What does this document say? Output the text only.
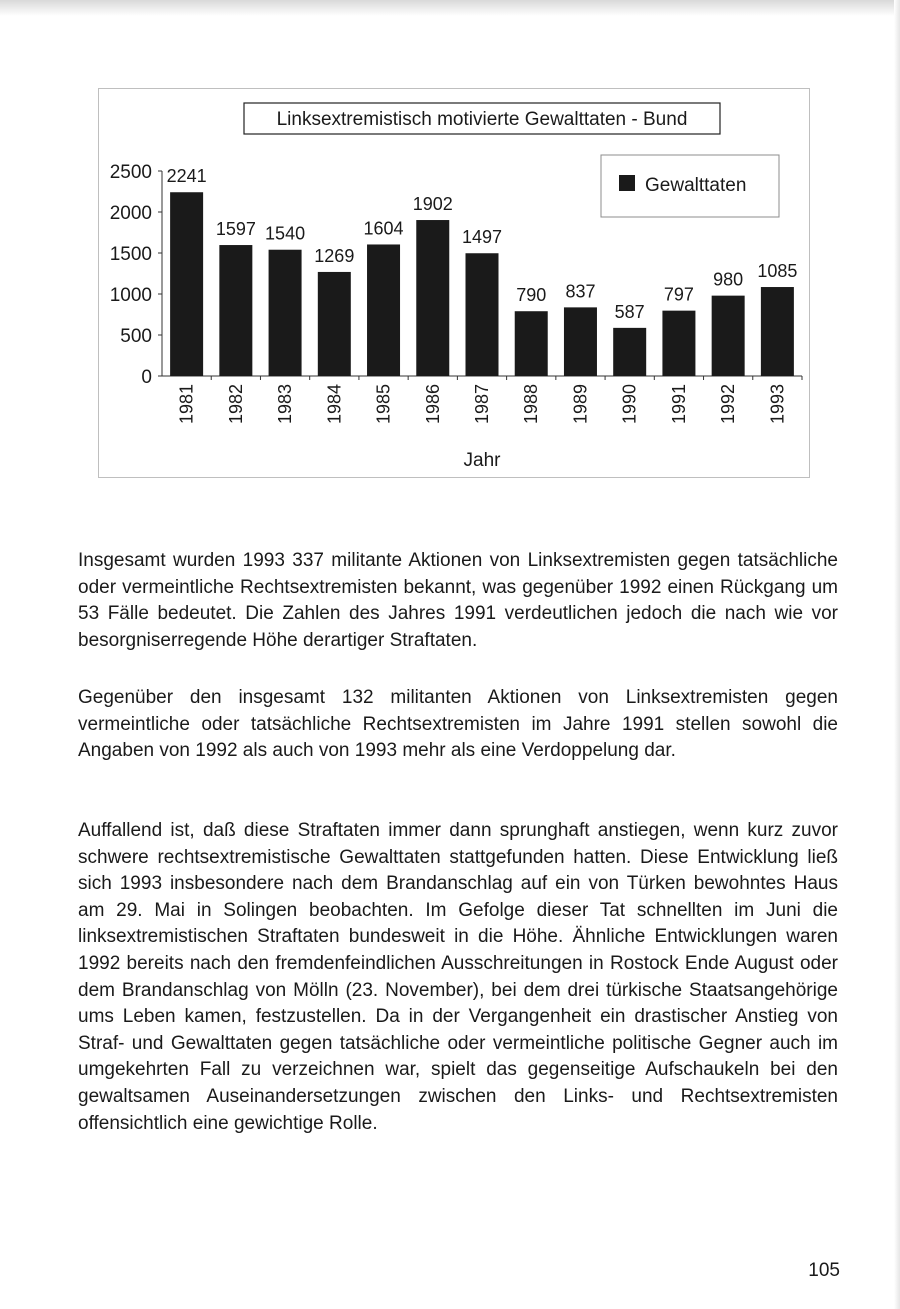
Linksextremistisch motivierte Gewalttaten - Bund
Gewalttaten
0
500
1000
1500
2000
2500
1981 1982 1983 1984 1985 1986 1987 1988 1989 1990 1991 1992 1993
2241
1597 1540
1269
1604
1902
1497
790 837
587
797
980 1085
Jahr

Insgesamt wurden 1993 337 militante Aktionen von Linksextremisten gegen tatsächliche oder vermeintliche Rechtsextremisten bekannt, was gegenüber 1992 einen Rückgang um 53 Fälle bedeutet. Die Zahlen des Jahres 1991 verdeutlichen jedoch die nach wie vor besorgniserregende Höhe derartiger Straftaten.

Gegenüber den insgesamt 132 militanten Aktionen von Linksextremisten gegen vermeintliche oder tatsächliche Rechtsextremisten im Jahre 1991 stellen sowohl die Angaben von 1992 als auch von 1993 mehr als eine Verdoppelung dar.

Auffallend ist, daß diese Straftaten immer dann sprunghaft anstiegen, wenn kurz zuvor schwere rechtsextremistische Gewalttaten stattgefunden hatten. Diese Entwicklung ließ sich 1993 insbesondere nach dem Brandanschlag auf ein von Türken bewohntes Haus am 29. Mai in Solingen beobachten. Im Gefolge dieser Tat schnellten im Juni die linksextremistischen Straftaten bundesweit in die Höhe. Ähnliche Entwicklungen waren 1992 bereits nach den fremdenfeindlichen Ausschreitungen in Rostock Ende August oder dem Brandanschlag von Mölln (23. November), bei dem drei türkische Staatsangehörige ums Leben kamen, festzustellen. Da in der Vergangenheit ein drastischer Anstieg von Straf- und Gewalttaten gegen tatsächliche oder vermeintliche politische Gegner auch im umgekehrten Fall zu verzeichnen war, spielt das gegenseitige Aufschaukeln bei den gewaltsamen Auseinandersetzungen zwischen den Links- und Rechtsextremisten offensichtlich eine gewichtige Rolle.

105
